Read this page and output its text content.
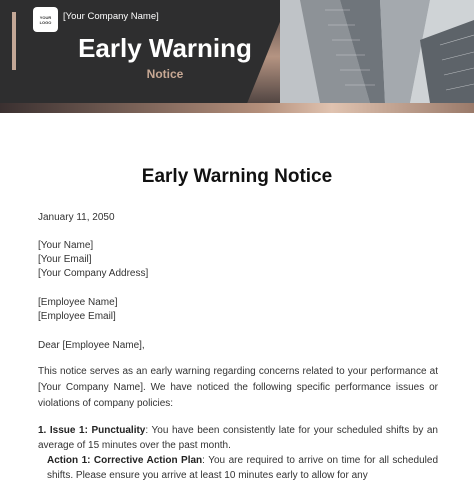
YOUR
LOGO [Your Company Name]
Early Warning
Notice
Early Warning Notice
January 11, 2050
[Your Name]
[Your Email]
[Your Company Address]
[Employee Name]
[Employee Email]
Dear [Employee Name],
This notice serves as an early warning regarding concerns related to your performance at [Your Company Name]. We have noticed the following specific performance issues or violations of company policies:
1. Issue 1: Punctuality: You have been consistently late for your scheduled shifts by an average of 15 minutes over the past month.
Action 1: Corrective Action Plan: You are required to arrive on time for all scheduled shifts. Please ensure you arrive at least 10 minutes early to allow for any
